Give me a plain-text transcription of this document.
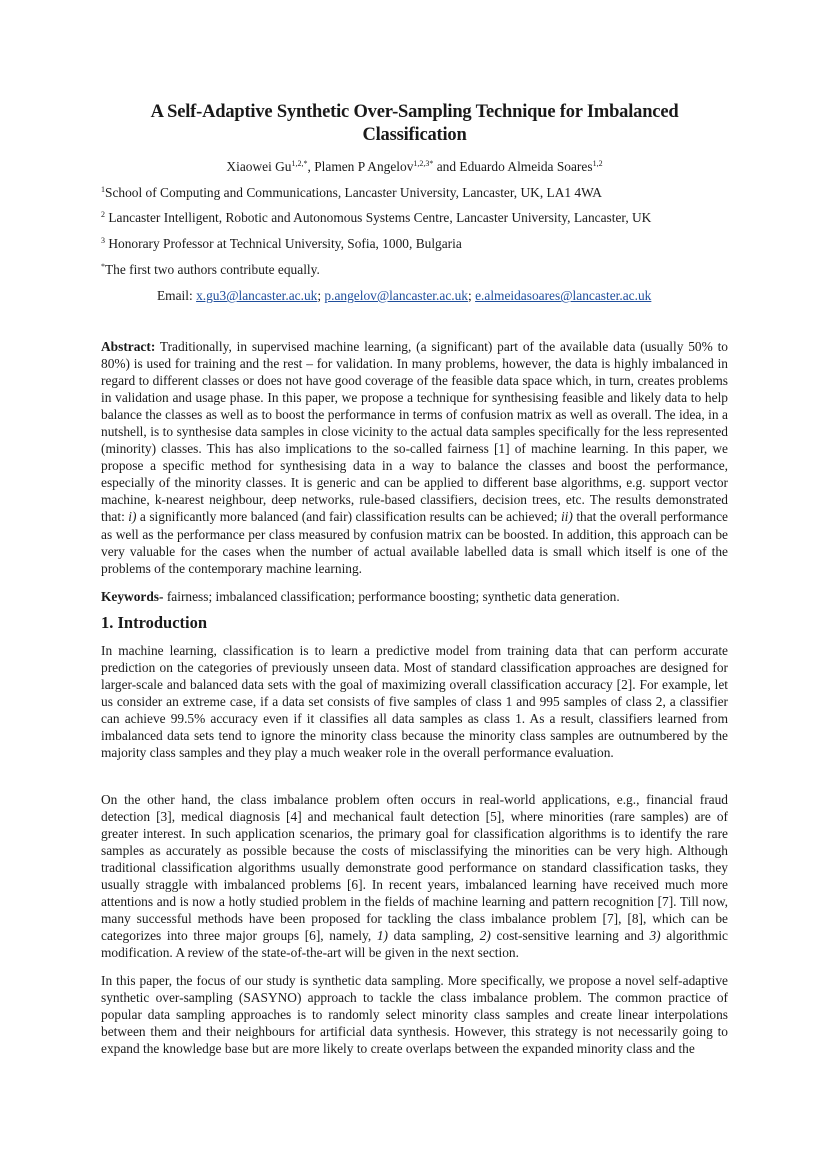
A Self-Adaptive Synthetic Over-Sampling Technique for Imbalanced Classification
Xiaowei $Gu^{1,2,*}$, Plamen P Angelov$^{1,2,3*}$ and Eduardo Almeida Soares$^{1,2}$
$^1$School of Computing and Communications, Lancaster University, Lancaster, UK, LA1 4WA
$^2$ Lancaster Intelligent, Robotic and Autonomous Systems Centre, Lancaster University, Lancaster, UK
$^3$ Honorary Professor at Technical University, Sofia, 1000, Bulgaria
*The first two authors contribute equally.
Email: x.gu3@lancaster.ac.uk; p.angelov@lancaster.ac.uk; e.almeidasoares@lancaster.ac.uk

Abstract: Traditionally, in supervised machine learning, (a significant) part of the available data (usually 50% to 80%) is used for training and the rest – for validation. In many problems, however, the data is highly imbalanced in regard to different classes or does not have good coverage of the feasible data space which, in turn, creates problems in validation and usage phase. In this paper, we propose a technique for synthesising feasible and likely data to help balance the classes as well as to boost the performance in terms of confusion matrix as well as overall. The idea, in a nutshell, is to synthesise data samples in close vicinity to the actual data samples specifically for the less represented (minority) classes. This has also implications to the so-called fairness [1] of machine learning. In this paper, we propose a specific method for synthesising data in a way to balance the classes and boost the performance, especially of the minority classes. It is generic and can be applied to different base algorithms, e.g. support vector machine, k-nearest neighbour, deep networks, rule-based classifiers, decision trees, etc. The results demonstrated that: i) a significantly more balanced (and fair) classification results can be achieved; ii) that the overall performance as well as the performance per class measured by confusion matrix can be boosted. In addition, this approach can be very valuable for the cases when the number of actual available labelled data is small which itself is one of the problems of the contemporary machine learning.

Keywords- fairness; imbalanced classification; performance boosting; synthetic data generation.
1. Introduction

In machine learning, classification is to learn a predictive model from training data that can perform accurate prediction on the categories of previously unseen data. Most of standard classification approaches are designed for larger-scale and balanced data sets with the goal of maximizing overall classification accuracy [2]. For example, let us consider an extreme case, if a data set consists of five samples of class 1 and 995 samples of class 2, a classifier can achieve 99.5% accuracy even if it classifies all data samples as class 1. As a result, classifiers learned from imbalanced data sets tend to ignore the minority class because the minority class samples are outnumbered by the majority class samples and they play a much weaker role in the overall performance evaluation.

On the other hand, the class imbalance problem often occurs in real-world applications, e.g., financial fraud detection [3], medical diagnosis [4] and mechanical fault detection [5], where minorities (rare samples) are of greater interest. In such application scenarios, the primary goal for classification algorithms is to identify the rare samples as accurately as possible because the costs of misclassifying the minorities can be very high. Although traditional classification algorithms usually demonstrate good performance on standard classification tasks, they usually straggle with imbalanced problems [6]. In recent years, imbalanced learning have received much more attentions and is now a hotly studied problem in the fields of machine learning and pattern recognition [7]. Till now, many successful methods have been proposed for tackling the class imbalance problem [7], [8], which can be categorizes into three major groups [6], namely, 1) data sampling, 2) cost-sensitive learning and 3) algorithmic modification. A review of the state-of-the-art will be given in the next section.

In this paper, the focus of our study is synthetic data sampling. More specifically, we propose a novel self-adaptive synthetic over-sampling (SASYNO) approach to tackle the class imbalance problem. The common practice of popular data sampling approaches is to randomly select minority class samples and create linear interpolations between them and their neighbours for artificial data synthesis. However, this strategy is not necessarily going to expand the knowledge base but are more likely to create overlaps between the expanded minority class and the
